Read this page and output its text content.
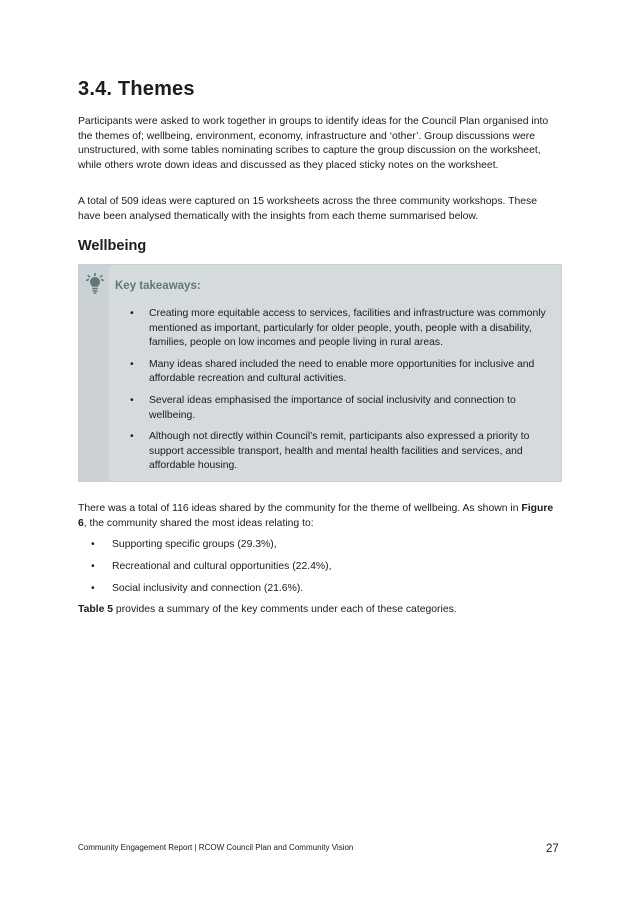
3.4. Themes

Participants were asked to work together in groups to identify ideas for the Council Plan organised into the themes of; wellbeing, environment, economy, infrastructure and ‘other’. Group discussions were unstructured, with some tables nominating scribes to capture the group discussion on the worksheet, while others wrote down ideas and discussed as they placed sticky notes on the worksheet.

A total of 509 ideas were captured on 15 worksheets across the three community workshops. These have been analysed thematically with the insights from each theme summarised below.

Wellbeing
Key takeaways:
• Creating more equitable access to services, facilities and infrastructure was commonly mentioned as important, particularly for older people, youth, people with a disability, families, people on low incomes and people living in rural areas.
• Many ideas shared included the need to enable more opportunities for inclusive and affordable recreation and cultural activities.
• Several ideas emphasised the importance of social inclusivity and connection to wellbeing.
• Although not directly within Council’s remit, participants also expressed a priority to support accessible transport, health and mental health facilities and services, and affordable housing.

There was a total of 116 ideas shared by the community for the theme of wellbeing. As shown in Figure 6, the community shared the most ideas relating to:

• Supporting specific groups (29.3%),
• Recreational and cultural opportunities (22.4%),
• Social inclusivity and connection (21.6%).

Table 5 provides a summary of the key comments under each of these categories.

Community Engagement Report | RCOW Council Plan and Community Vision	27
